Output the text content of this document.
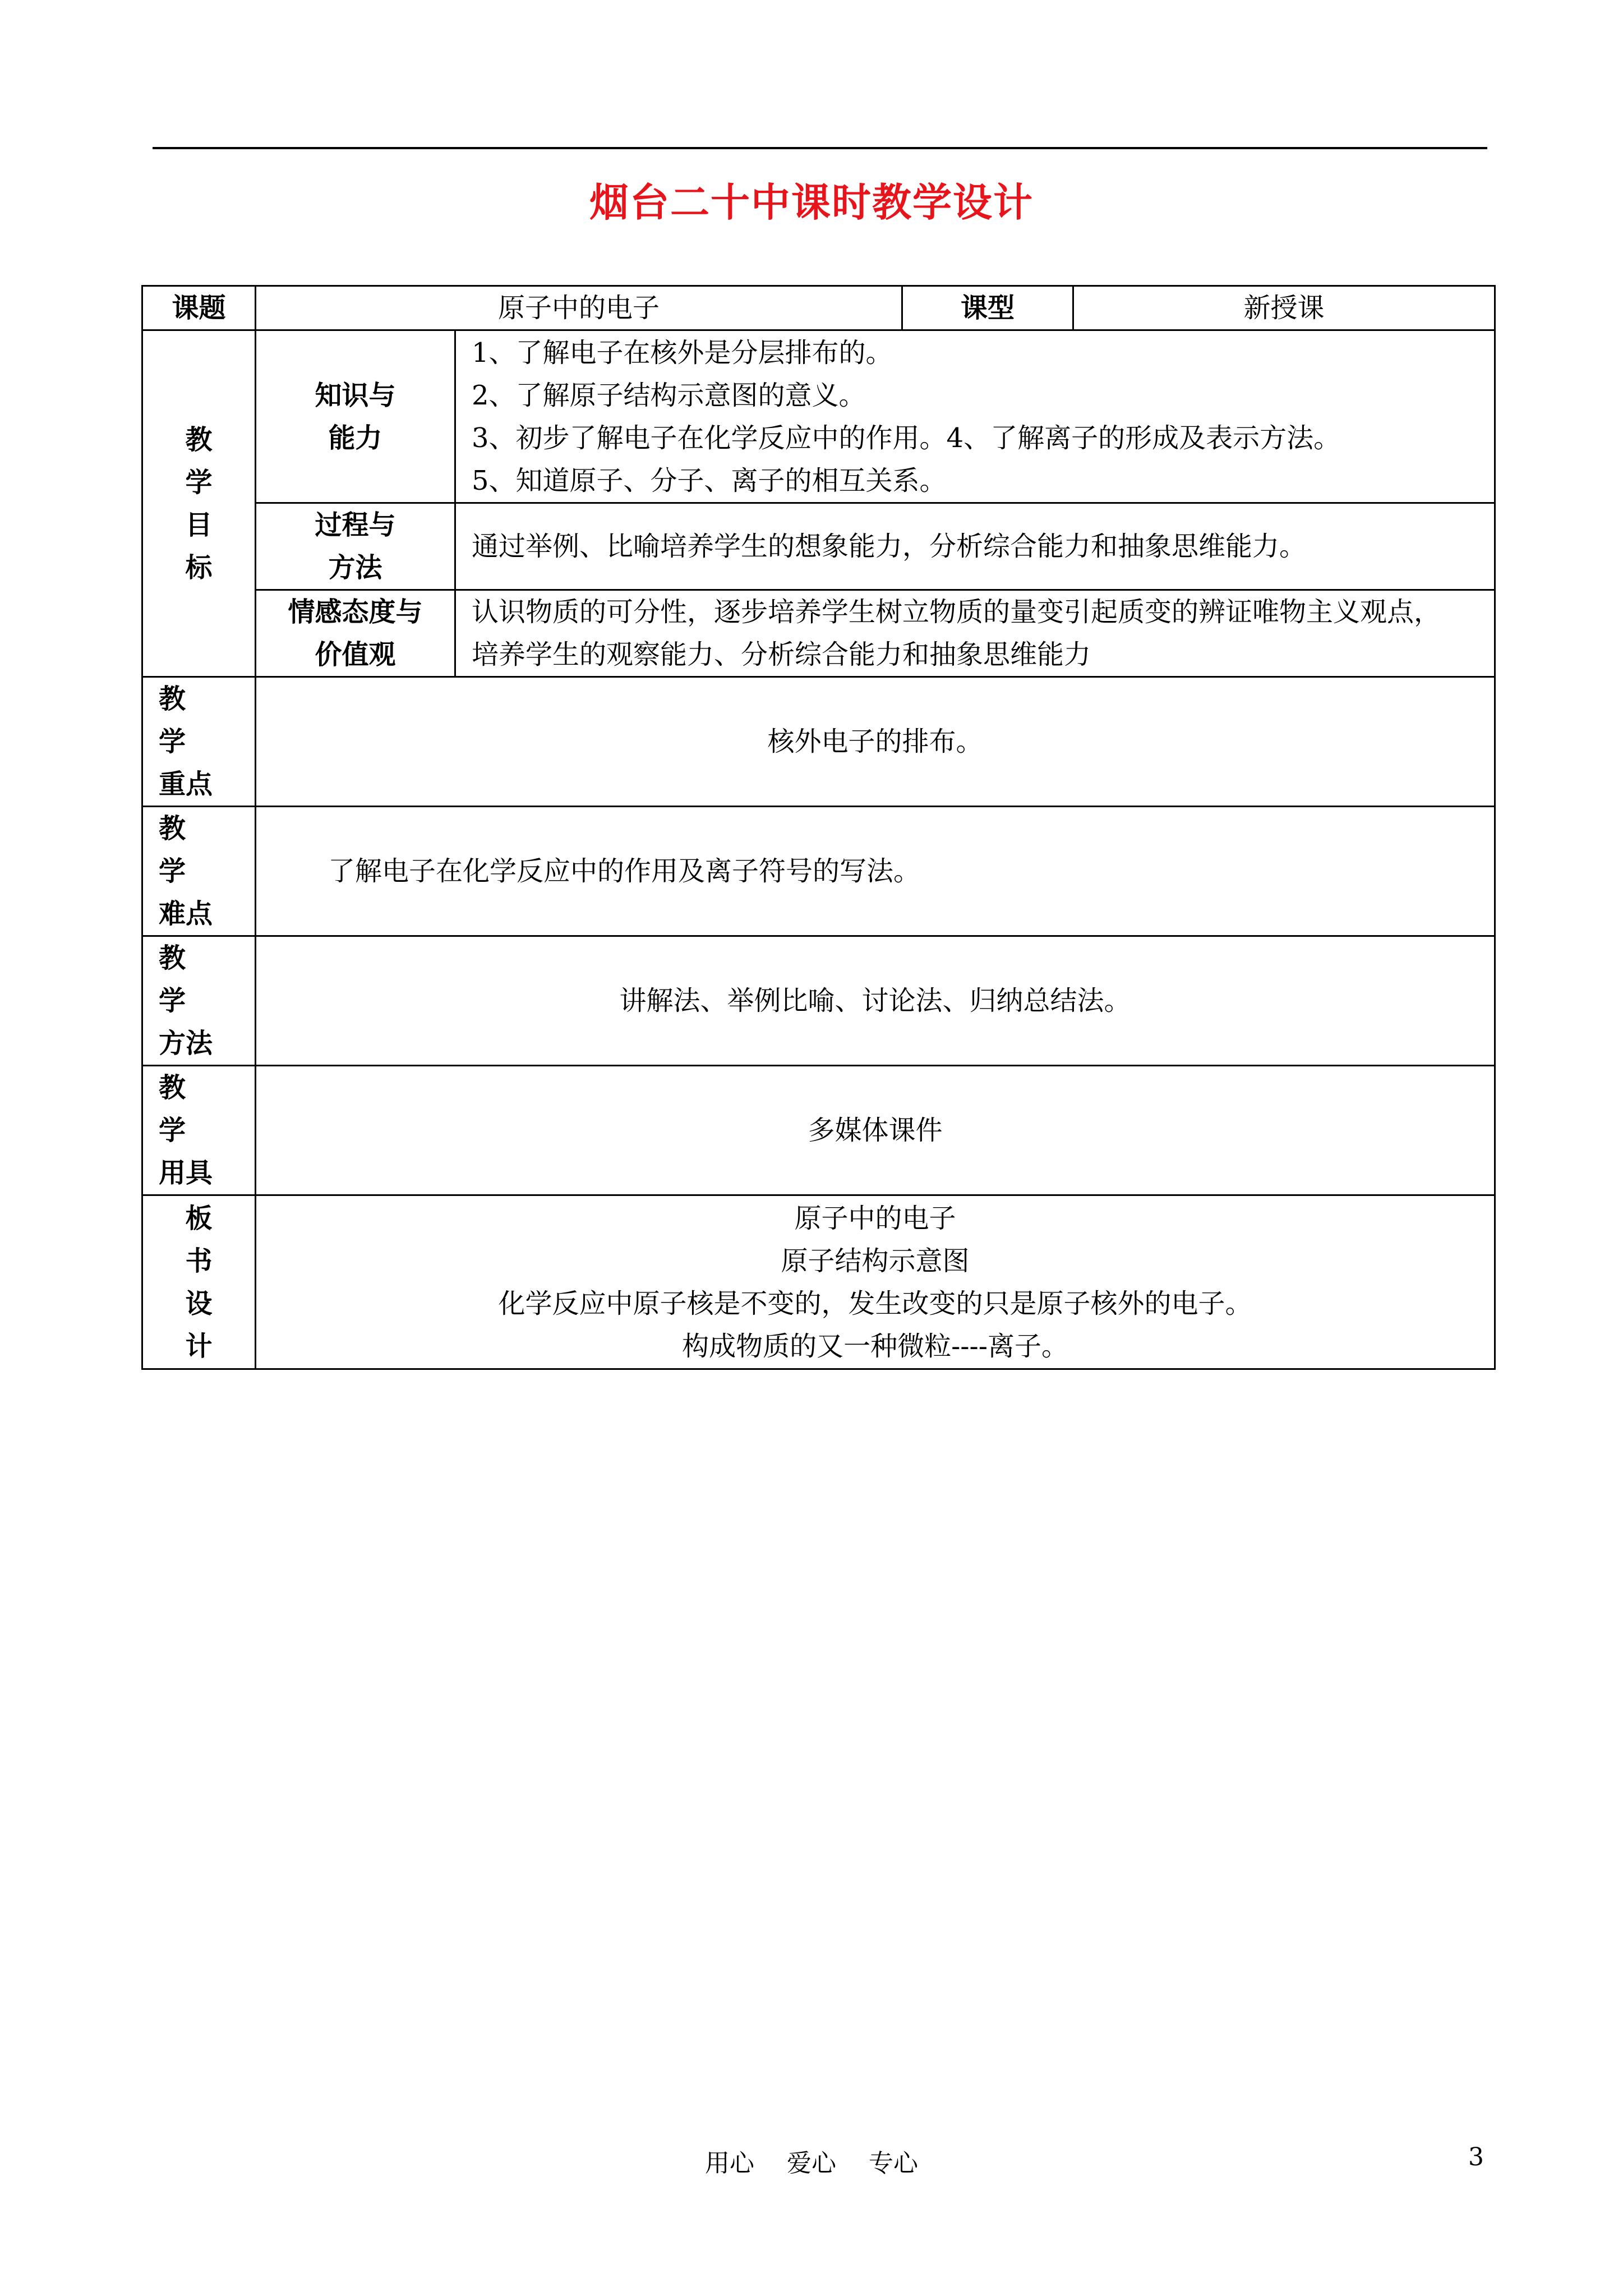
烟台二十中课时教学设计
课题	原子中的电子		课型	新授课

教
学
目
标	知识与
能力	1、了解电子在核外是分层排布的。
2、了解原子结构示意图的意义。
3、初步了解电子在化学反应中的作用。4、了解离子的形成及表示方法。
5、知道原子、分子、离子的相互关系。		

	过程与
方法	通过举例、比喻培养学生的想象能力，分析综合能力和抽象思维能力。		

	情感态度与
价值观	认识物质的可分性，逐步培养学生树立物质的量变引起质变的辨证唯物主义观点，
培养学生的观察能力、分析综合能力和抽象思维能力		

教学
重点	核外电子的排布。			

教学
难点	了解电子在化学反应中的作用及离子符号的写法。			

教学
方法	讲解法、举例比喻、讨论法、归纳总结法。			

教学
用具	多媒体课件			

板
书
设
计	原子中的电子
原子结构示意图
化学反应中原子核是不变的，发生改变的只是原子核外的电子。
构成物质的又一种微粒----离子。			
用心 爱心 专心	3
